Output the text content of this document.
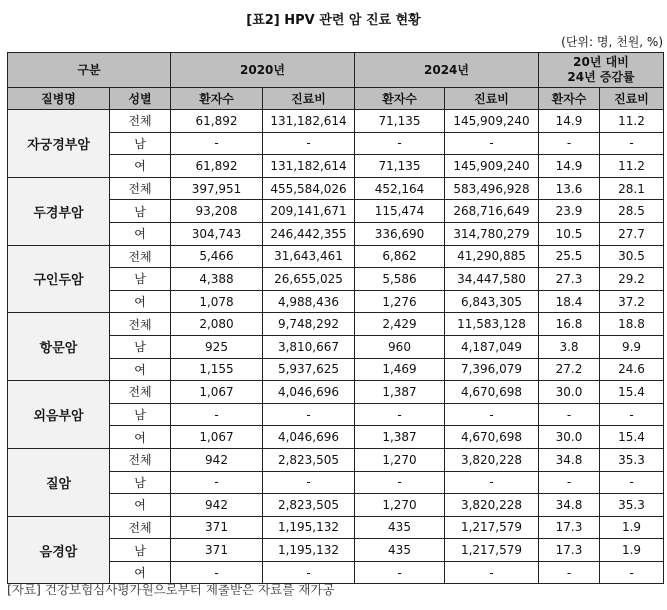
[표2] HPV 관련 암 진료 현황
(단위: 명, 천원, %)
구분		2020년		2024년		20년 대비
24년 증감률	
질병명	성별	환자수	진료비	환자수	진료비	환자수	진료비
자궁경부암	전체	61,892	131,182,614	71,135	145,909,240	14.9	11.2
	남	-	-	-	-	-	-
	여	61,892	131,182,614	71,135	145,909,240	14.9	11.2
두경부암	전체	397,951	455,584,026	452,164	583,496,928	13.6	28.1
	남	93,208	209,141,671	115,474	268,716,649	23.9	28.5
	여	304,743	246,442,355	336,690	314,780,279	10.5	27.7
구인두암	전체	5,466	31,643,461	6,862	41,290,885	25.5	30.5
	남	4,388	26,655,025	5,586	34,447,580	27.3	29.2
	여	1,078	4,988,436	1,276	6,843,305	18.4	37.2
항문암	전체	2,080	9,748,292	2,429	11,583,128	16.8	18.8
	남	925	3,810,667	960	4,187,049	3.8	9.9
	여	1,155	5,937,625	1,469	7,396,079	27.2	24.6
외음부암	전체	1,067	4,046,696	1,387	4,670,698	30.0	15.4
	남	-	-	-	-	-	-
	여	1,067	4,046,696	1,387	4,670,698	30.0	15.4
질암	전체	942	2,823,505	1,270	3,820,228	34.8	35.3
	남	-	-	-	-	-	-
	여	942	2,823,505	1,270	3,820,228	34.8	35.3
음경암	전체	371	1,195,132	435	1,217,579	17.3	1.9
	남	371	1,195,132	435	1,217,579	17.3	1.9
	여	-	-	-	-	-	-
[자료] 건강보험심사평가원으로부터 제출받은 자료를 재가공
